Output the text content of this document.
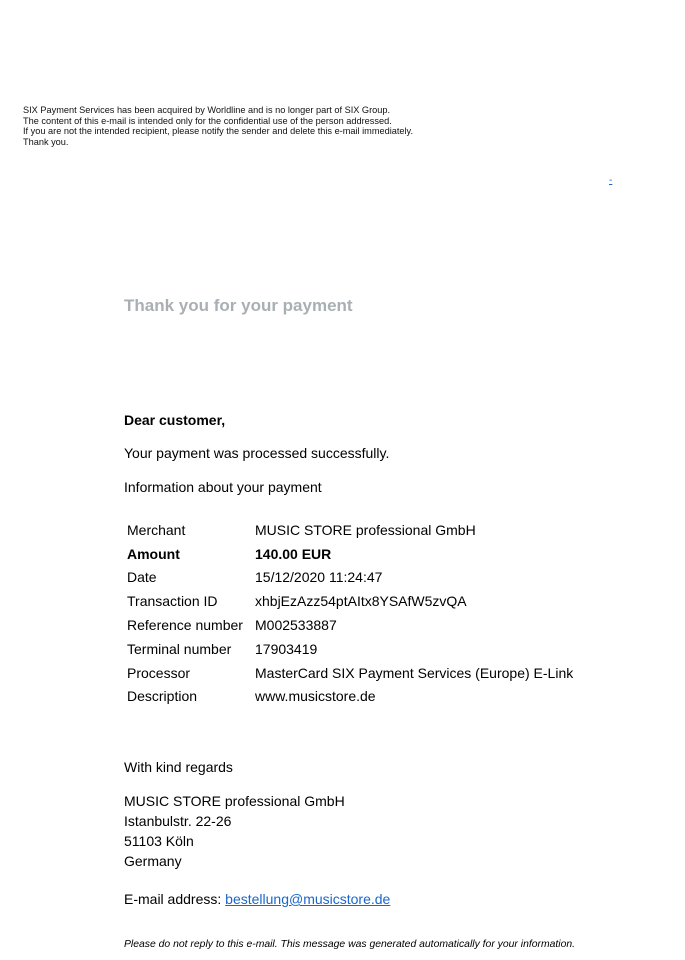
SIX Payment Services has been acquired by Worldline and is no longer part of SIX Group.
The content of this e-mail is intended only for the confidential use of the person addressed.
If you are not the intended recipient, please notify the sender and delete this e-mail immediately.
Thank you.
-
Thank you for your payment
Dear customer,
Your payment was processed successfully.
Information about your payment
Merchant	MUSIC STORE professional GmbH
Amount	140.00 EUR
Date	15/12/2020 11:24:47
Transaction ID	xhbjEzAzz54ptAItx8YSAfW5zvQA
Reference number	M002533887
Terminal number	17903419
Processor	MasterCard SIX Payment Services (Europe) E-Link
Description	www.musicstore.de
With kind regards
MUSIC STORE professional GmbH
Istanbulstr. 22-26
51103 Köln
Germany
E-mail address: bestellung@musicstore.de
Please do not reply to this e-mail. This message was generated automatically for your information.
